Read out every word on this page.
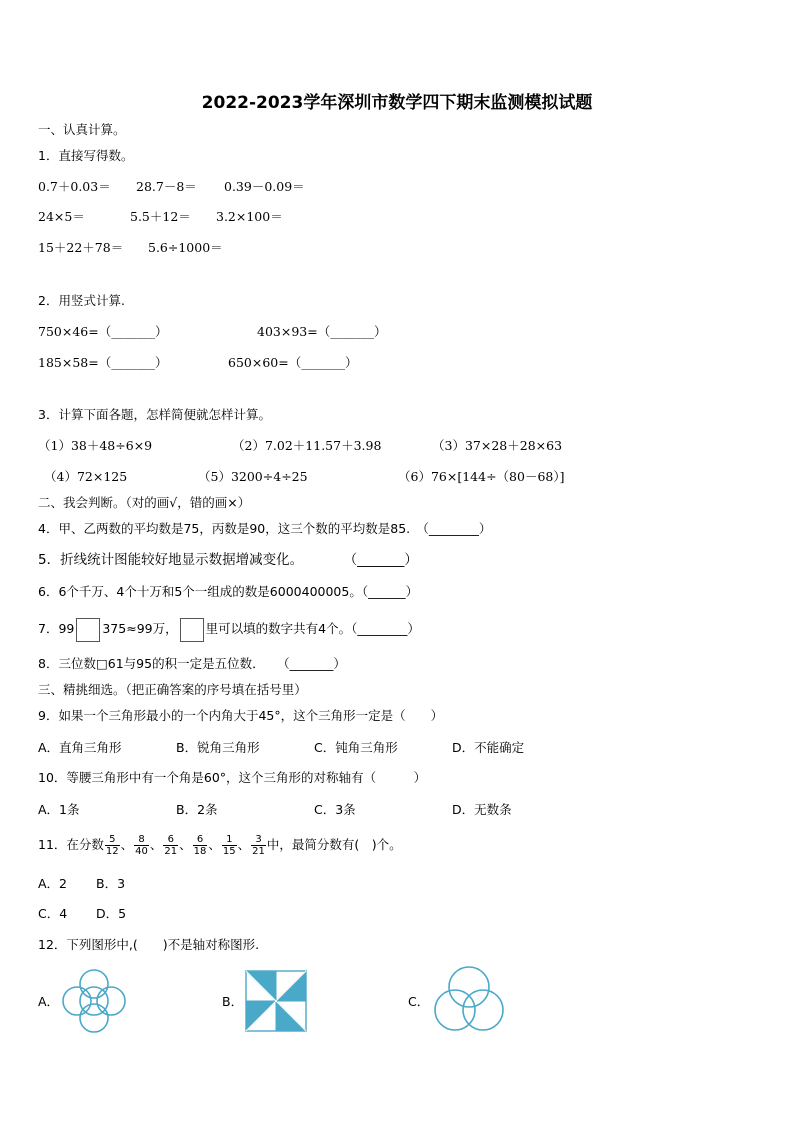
2022-2023学年深圳市数学四下期末监测模拟试题
一、认真计算。
1．直接写得数。
0.7＋0.03＝ 28.7－8＝ 0.39－0.09＝
24×5＝	5.5＋12＝ 3.2×100＝
15＋22＋78＝ 5.6÷1000＝
2．用竖式计算.
750×46=（_______）	403×93=（_______）
185×58=（_______）	650×60=（_______）
3．计算下面各题，怎样简便就怎样计算。
（1）38＋48÷6×9	（2）7.02＋11.57＋3.98	（3）37×28＋28×63
（4）72×125	（5）3200÷4÷25	（6）76×[144÷（80－68）]
二、我会判断。（对的画√，错的画×）
4．甲、乙两数的平均数是75，丙数是90，这三个数的平均数是85.　（________）
5．折线统计图能较好地显示数据增减变化。　　　　（_______）
6．6个千万、4个十万和5个一组成的数是6000400005。（______）
7．99 375≈99万， 里可以填的数字共有4个。（________）
8．三位数□61与95的积一定是五位数．　　（_______）
三、精挑细选。（把正确答案的序号填在括号里）
9．如果一个三角形最小的一个内角大于45°，这个三角形一定是（　　）
A．直角三角形	B．锐角三角形	C．钝角三角形	D．不能确定
10．等腰三角形中有一个角是60°，这个三角形的对称轴有（　　　）
A．1条	B．2条	C．3条	D．无数条
11．在分数 $\frac{5}{12}$ 、 $\frac{8}{40}$ 、 $\frac{6}{21}$ 、 $\frac{6}{18}$ 、 $\frac{1}{15}$ 、 $\frac{3}{21}$ 中，最简分数有(　)个。
A．2 B．3
C．4 D．5
12．下列图形中,(　　)不是轴对称图形.
A．	B．	C．
